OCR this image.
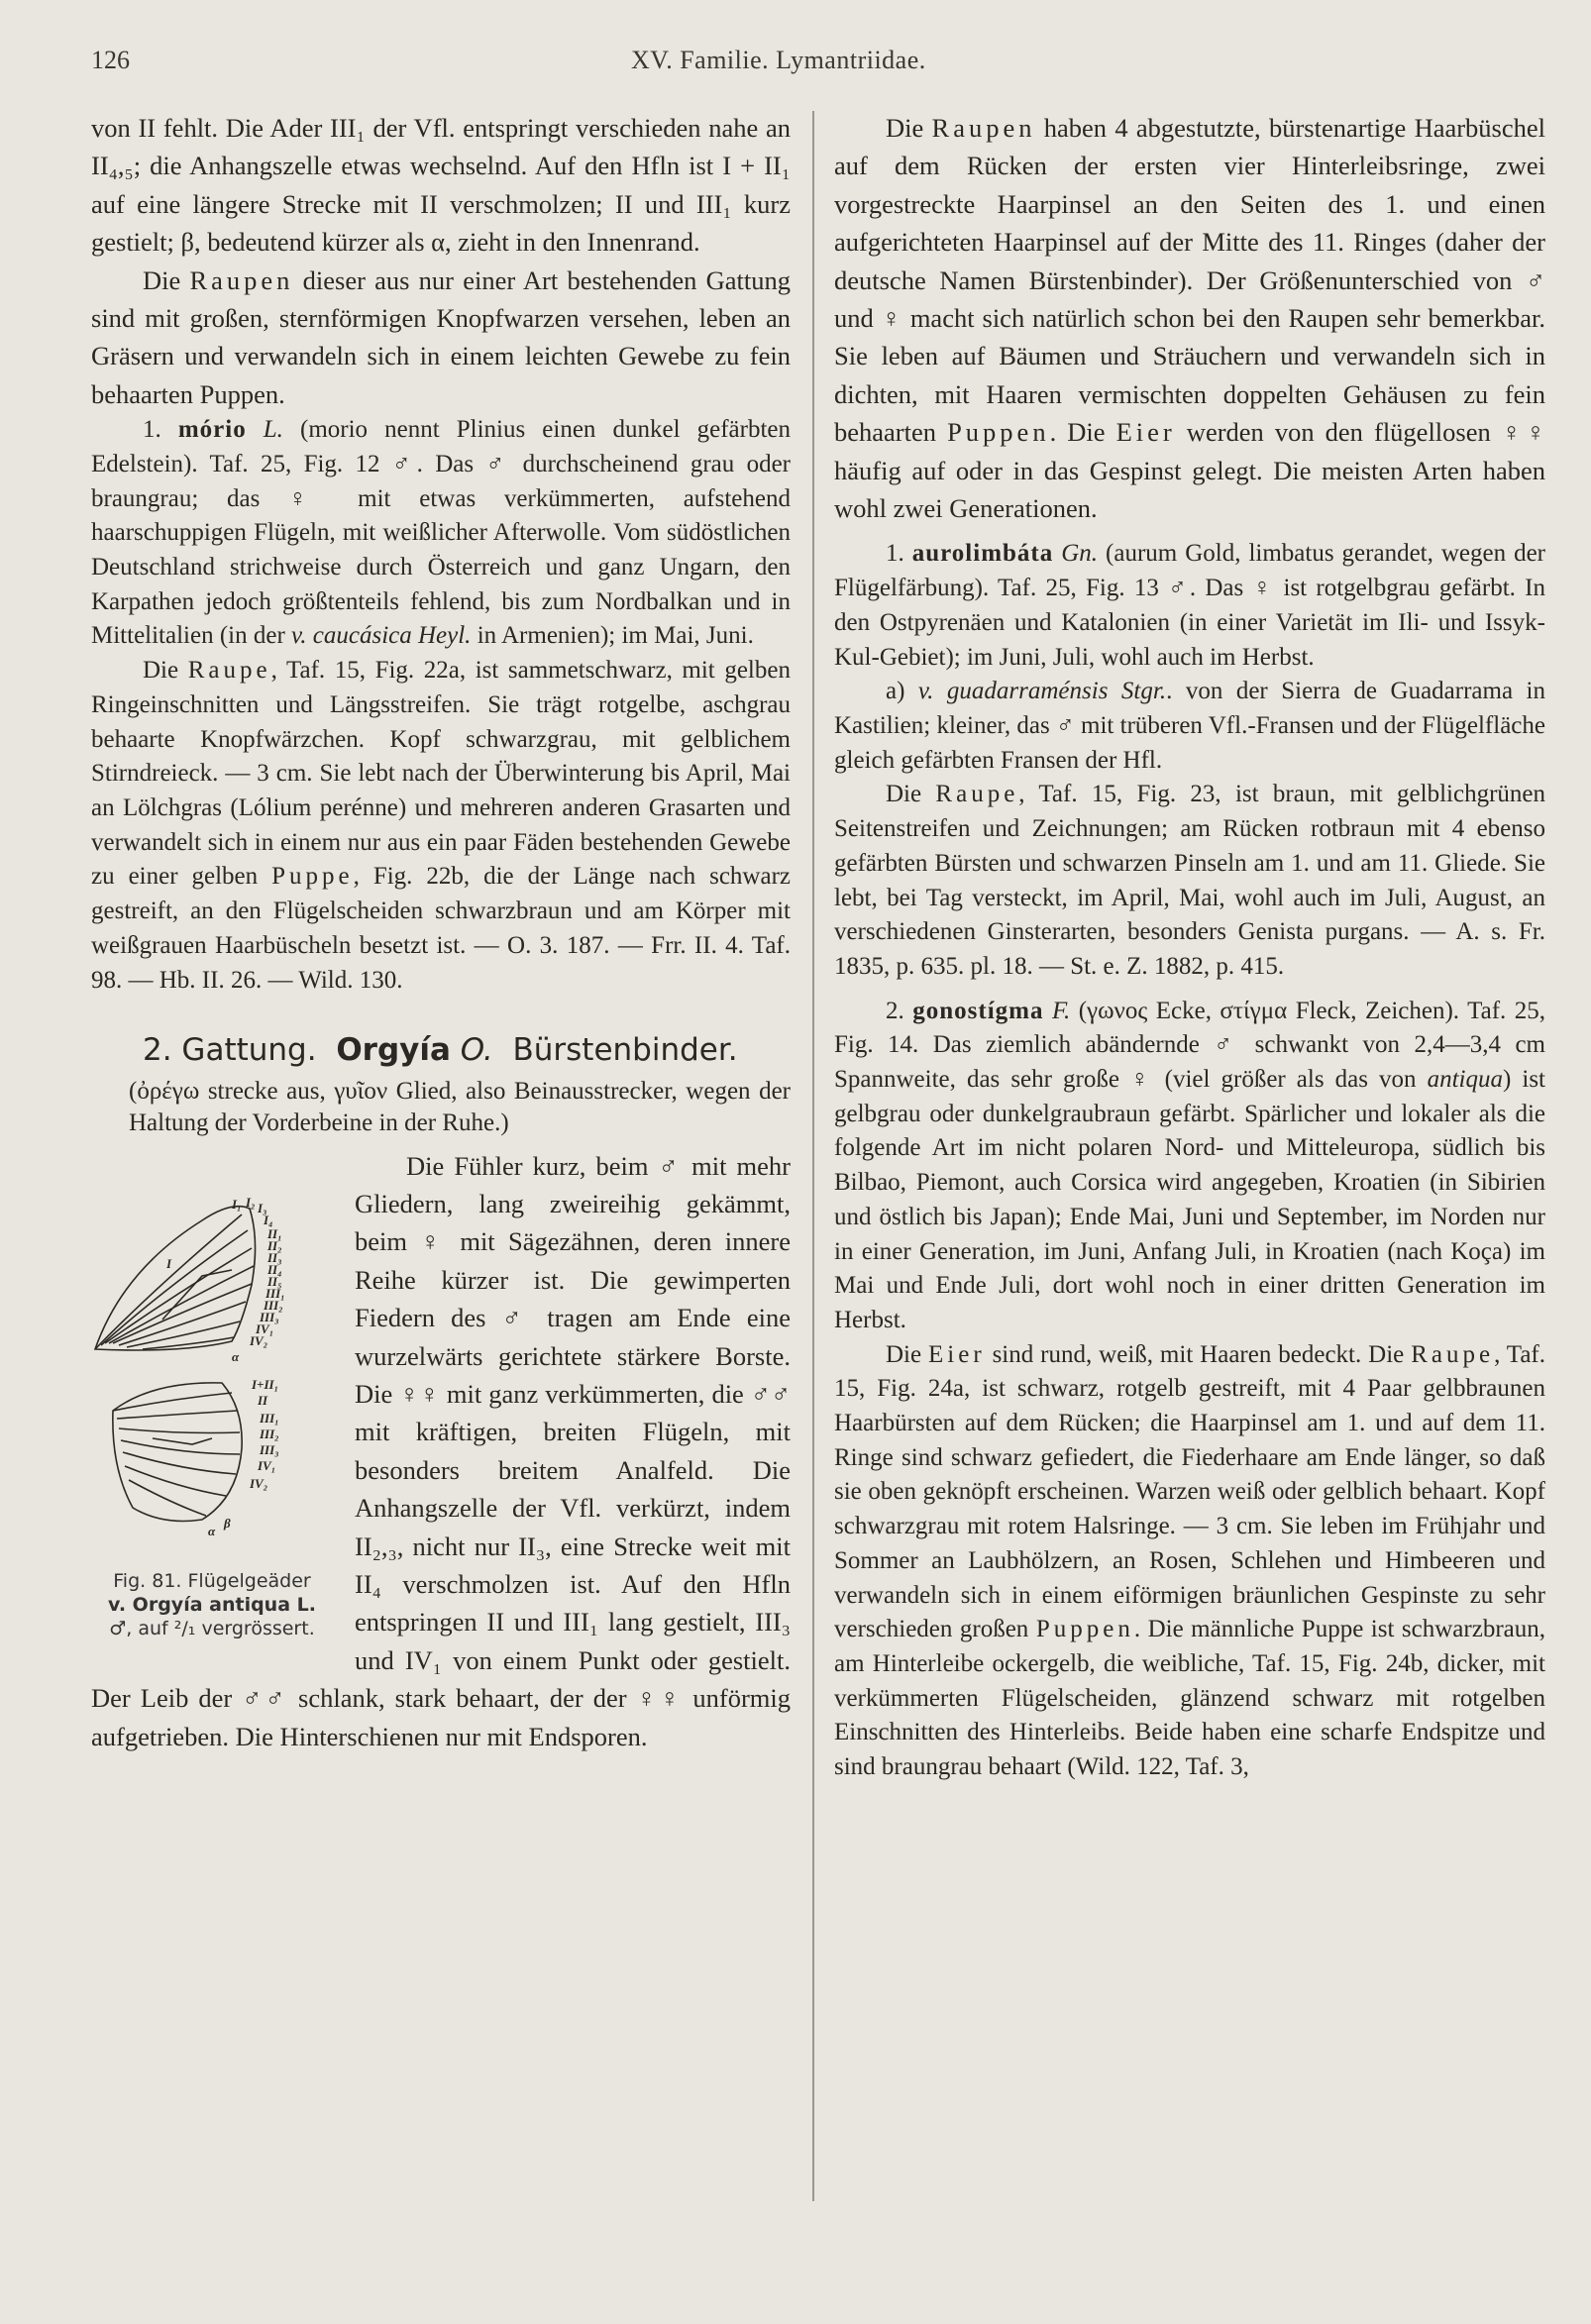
126	XV. Familie. Lymantriidae.

von II fehlt. Die Ader III₁ der Vfl. entspringt verschieden nahe an II₄,₅; die Anhangszelle etwas wechselnd. Auf den Hfln ist I + II₁ auf eine längere Strecke mit II verschmolzen; II und III₁ kurz gestielt; β, bedeutend kürzer als α, zieht in den Innenrand.

Die Raupen dieser aus nur einer Art bestehenden Gattung sind mit großen, sternförmigen Knopfwarzen versehen, leben an Gräsern und verwandeln sich in einem leichten Gewebe zu fein behaarten Puppen.

1. mório L. (morio nennt Plinius einen dunkel gefärbten Edelstein). Taf. 25, Fig. 12 ♂. Das ♂ durchscheinend grau oder braungrau; das ♀ mit etwas verkümmerten, aufstehend haarschuppigen Flügeln, mit weißlicher Afterwolle. Vom südöstlichen Deutschland strichweise durch Österreich und ganz Ungarn, den Karpathen jedoch größtenteils fehlend, bis zum Nordbalkan und in Mittelitalien (in der v. caucásica Heyl. in Armenien); im Mai, Juni.

Die Raupe, Taf. 15, Fig. 22a, ist sammetschwarz, mit gelben Ringeinschnitten und Längsstreifen. Sie trägt rotgelbe, aschgrau behaarte Knopfwärzchen. Kopf schwarzgrau, mit gelblichem Stirndreieck. — 3 cm. Sie lebt nach der Überwinterung bis April, Mai an Lölchgras (Lólium perénne) und mehreren anderen Grasarten und verwandelt sich in einem nur aus ein paar Fäden bestehenden Gewebe zu einer gelben Puppe, Fig. 22b, die der Länge nach schwarz gestreift, an den Flügelscheiden schwarzbraun und am Körper mit weißgrauen Haarbüscheln besetzt ist. — O. 3. 187. — Frr. II. 4. Taf. 98. — Hb. II. 26. — Wild. 130.

2. Gattung. Orgyía O. Bürstenbinder.

(ὀρέγω strecke aus, γυῖον Glied, also Beinausstrecker, wegen der Haltung der Vorderbeine in der Ruhe.)

I₁ I₂ I₃
I₄
I
II₁
II₂
II₃
II₄
II₅
III₁
III₂
III₃
IV₁
IV₂
α
I+II₁
II
III₁
III₂
III₃
IV₁
IV₂
α
β
Fig. 81. Flügelgeäder
v. Orgyía antiqua L.
♂, auf ²/₁ vergrössert.

Die Fühler kurz, beim ♂ mit mehr Gliedern, lang zweireihig gekämmt, beim ♀ mit Sägezähnen, deren innere Reihe kürzer ist. Die gewimperten Fiedern des ♂ tragen am Ende eine wurzelwärts gerichtete stärkere Borste. Die ♀♀ mit ganz verkümmerten, die ♂♂ mit kräftigen, breiten Flügeln, mit besonders breitem Analfeld. Die Anhangszelle der Vfl. verkürzt, indem II₂,₃, nicht nur II₃, eine Strecke weit mit II₄ verschmolzen ist. Auf den Hfln entspringen II und III₁ lang gestielt, III₃ und IV₁ von einem Punkt oder gestielt. Der Leib der ♂♂ schlank, stark behaart, der der ♀♀ unförmig aufgetrieben. Die Hinterschienen nur mit Endsporen.

Die Raupen haben 4 abgestutzte, bürstenartige Haarbüschel auf dem Rücken der ersten vier Hinterleibsringe, zwei vorgestreckte Haarpinsel an den Seiten des 1. und einen aufgerichteten Haarpinsel auf der Mitte des 11. Ringes (daher der deutsche Namen Bürstenbinder). Der Größenunterschied von ♂ und ♀ macht sich natürlich schon bei den Raupen sehr bemerkbar. Sie leben auf Bäumen und Sträuchern und verwandeln sich in dichten, mit Haaren vermischten doppelten Gehäusen zu fein behaarten Puppen. Die Eier werden von den flügellosen ♀♀ häufig auf oder in das Gespinst gelegt. Die meisten Arten haben wohl zwei Generationen.

1. aurolimbáta Gn. (aurum Gold, limbatus gerandet, wegen der Flügelfärbung). Taf. 25, Fig. 13 ♂. Das ♀ ist rotgelbgrau gefärbt. In den Ostpyrenäen und Katalonien (in einer Varietät im Ili- und Issyk-Kul-Gebiet); im Juni, Juli, wohl auch im Herbst.

a) v. guadarraménsis Stgr.. von der Sierra de Guadarrama in Kastilien; kleiner, das ♂ mit trüberen Vfl.-Fransen und der Flügelfläche gleich gefärbten Fransen der Hfl.

Die Raupe, Taf. 15, Fig. 23, ist braun, mit gelblichgrünen Seitenstreifen und Zeichnungen; am Rücken rotbraun mit 4 ebenso gefärbten Bürsten und schwarzen Pinseln am 1. und am 11. Gliede. Sie lebt, bei Tag versteckt, im April, Mai, wohl auch im Juli, August, an verschiedenen Ginsterarten, besonders Genista purgans. — A. s. Fr. 1835, p. 635. pl. 18. — St. e. Z. 1882, p. 415.

2. gonostígma F. (γωνος Ecke, στίγμα Fleck, Zeichen). Taf. 25, Fig. 14. Das ziemlich abändernde ♂ schwankt von 2,4—3,4 cm Spannweite, das sehr große ♀ (viel größer als das von antiqua) ist gelbgrau oder dunkelgraubraun gefärbt. Spärlicher und lokaler als die folgende Art im nicht polaren Nord- und Mitteleuropa, südlich bis Bilbao, Piemont, auch Corsica wird angegeben, Kroatien (in Sibirien und östlich bis Japan); Ende Mai, Juni und September, im Norden nur in einer Generation, im Juni, Anfang Juli, in Kroatien (nach Koça) im Mai und Ende Juli, dort wohl noch in einer dritten Generation im Herbst.

Die Eier sind rund, weiß, mit Haaren bedeckt. Die Raupe, Taf. 15, Fig. 24a, ist schwarz, rotgelb gestreift, mit 4 Paar gelbbraunen Haarbürsten auf dem Rücken; die Haarpinsel am 1. und auf dem 11. Ringe sind schwarz gefiedert, die Fiederhaare am Ende länger, so daß sie oben geknöpft erscheinen. Warzen weiß oder gelblich behaart. Kopf schwarzgrau mit rotem Halsringe. — 3 cm. Sie leben im Frühjahr und Sommer an Laubhölzern, an Rosen, Schlehen und Himbeeren und verwandeln sich in einem eiförmigen bräunlichen Gespinste zu sehr verschieden großen Puppen. Die männliche Puppe ist schwarzbraun, am Hinterleibe ockergelb, die weibliche, Taf. 15, Fig. 24b, dicker, mit verkümmerten Flügelscheiden, glänzend schwarz mit rotgelben Einschnitten des Hinterleibs. Beide haben eine scharfe Endspitze und sind braungrau behaart (Wild. 122, Taf. 3,
